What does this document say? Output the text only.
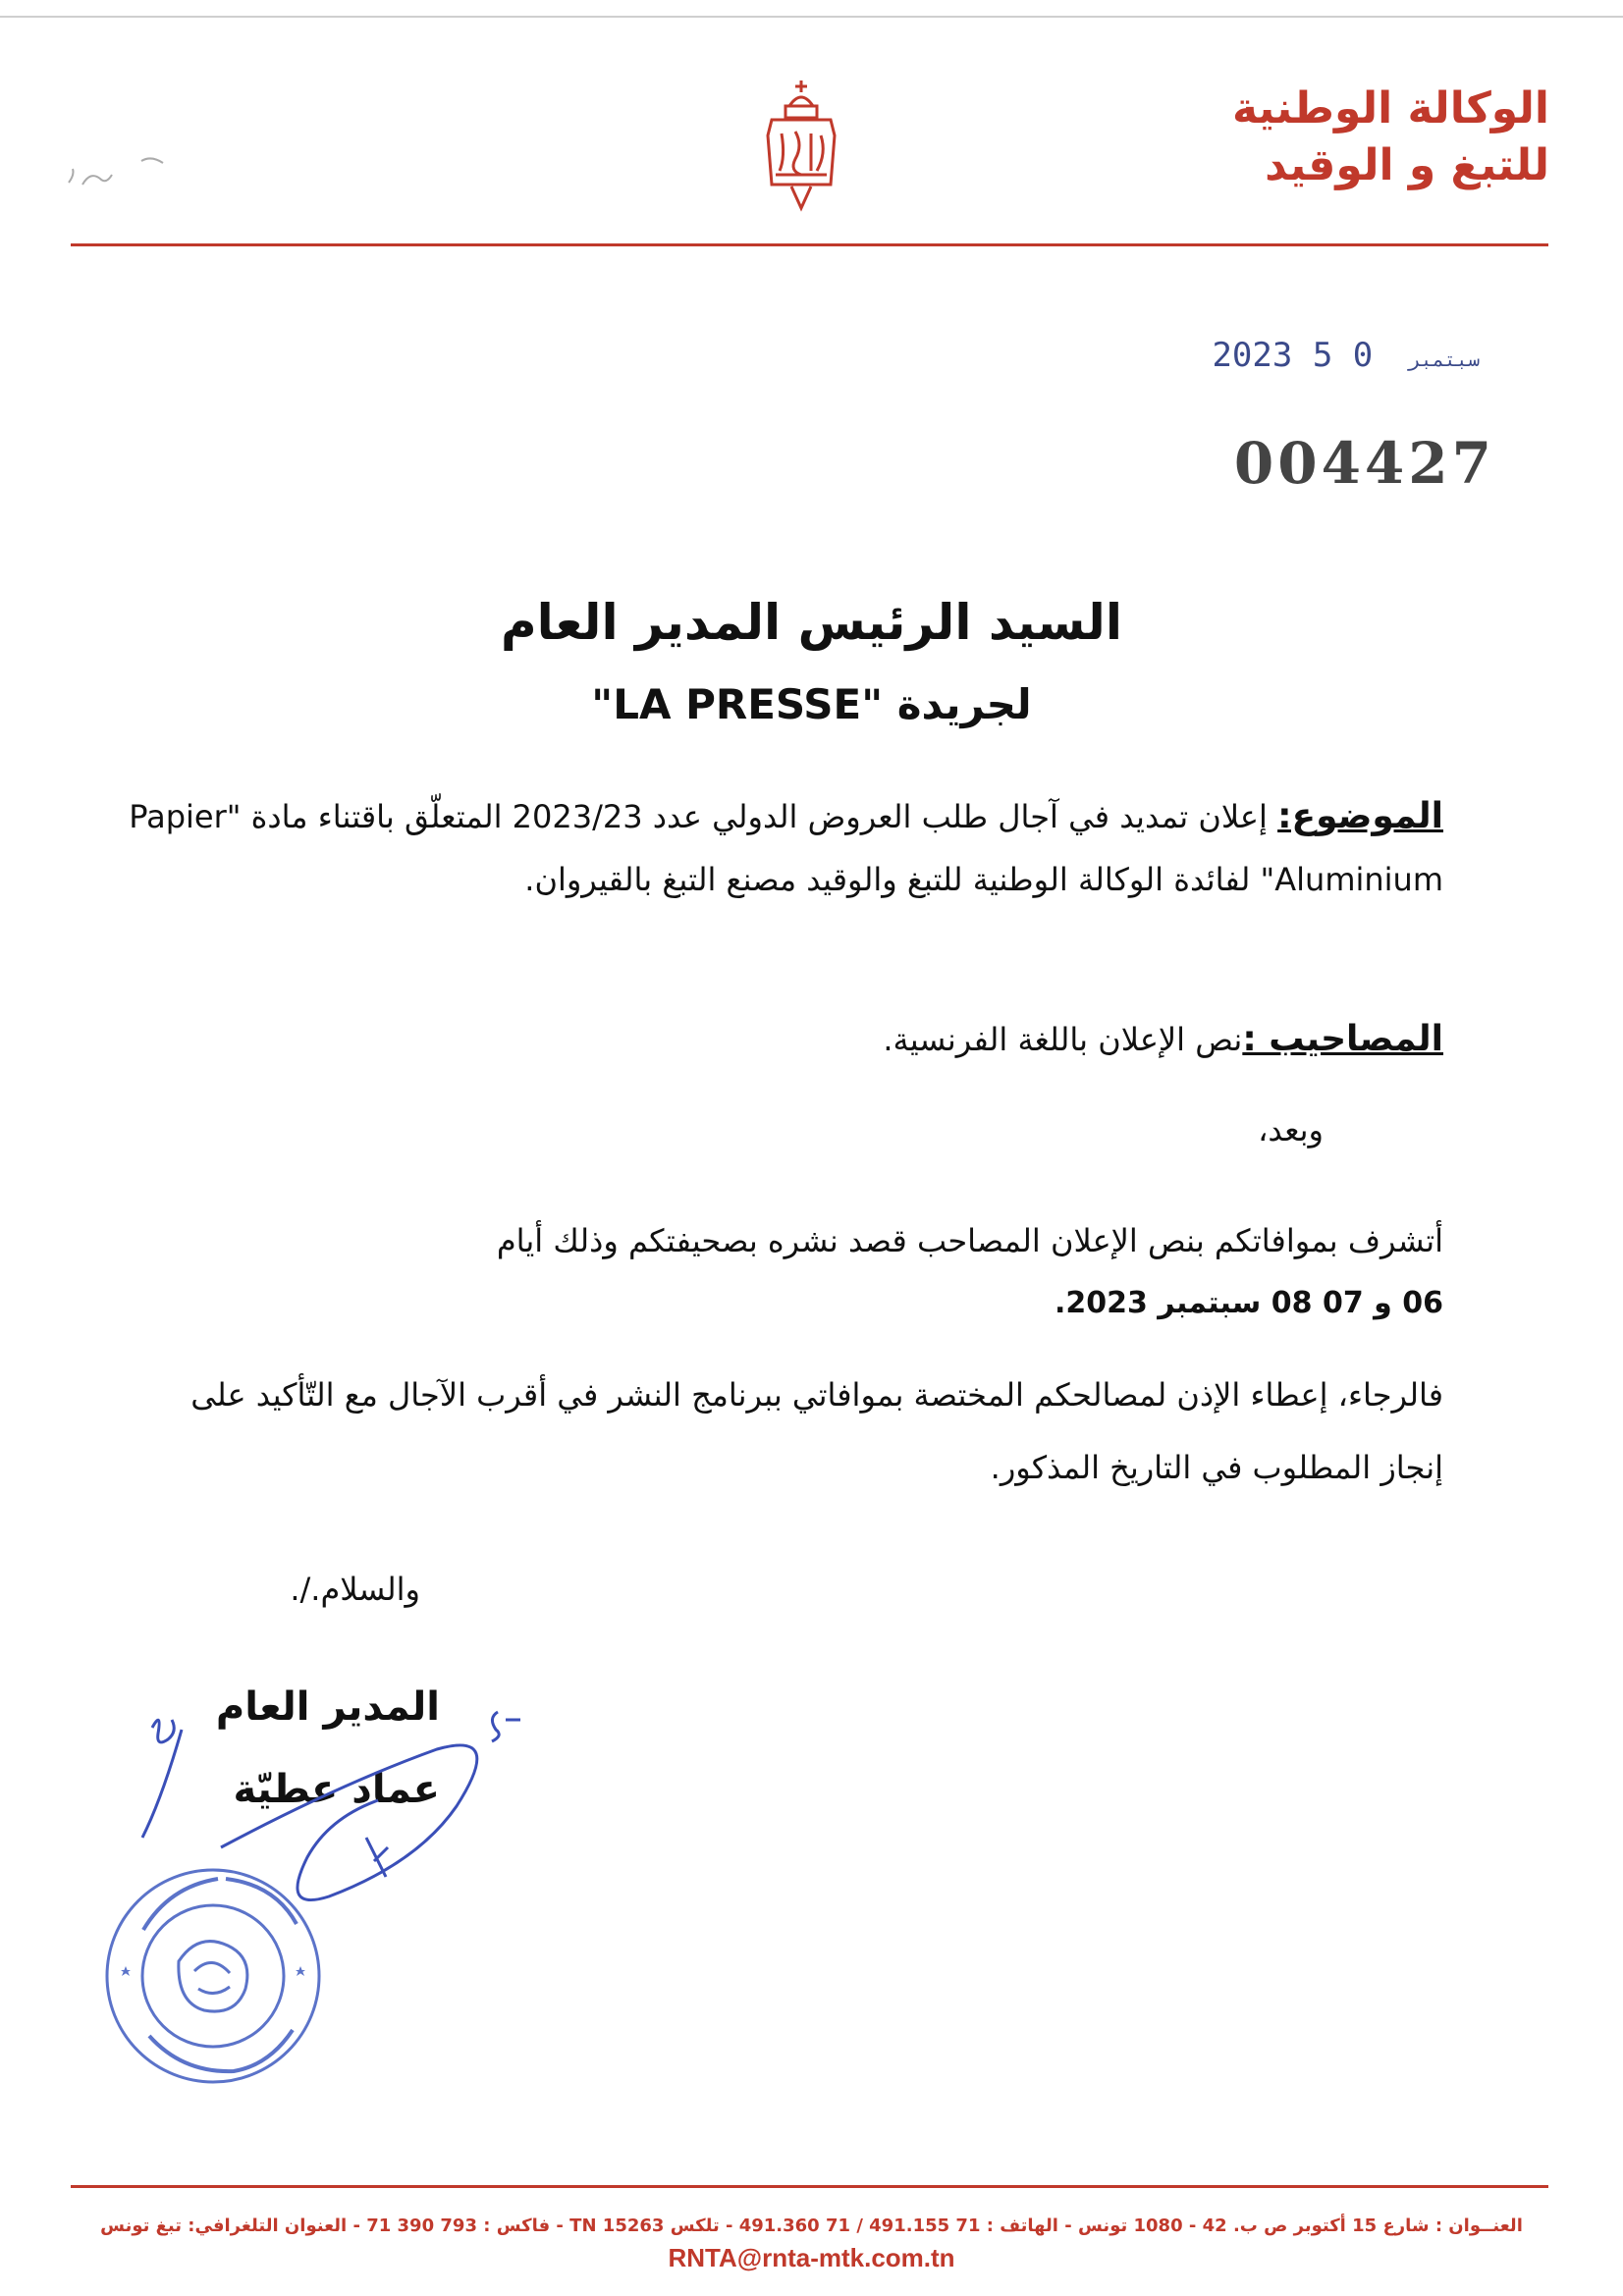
الوكالة الوطنية
للتبغ و الوقيد
2023	سبتمبر 0 5
004427
السيد الرئيس المدير العام
لجريدة "LA PRESSE"
الموضوع: إعلان تمديد في آجال طلب العروض الدولي عدد 2023/23 المتعلّق باقتناء مادة "Papier Aluminium" لفائدة الوكالة الوطنية للتبغ والوقيد مصنع التبغ بالقيروان.
المصاحيب :نص الإعلان باللغة الفرنسية.
وبعد،
أتشرف بموافاتكم بنص الإعلان المصاحب قصد نشره بصحيفتكم وذلك أيام
06 و 07 08 سبتمبر 2023.
فالرجاء، إعطاء الإذن لمصالحكم المختصة بموافاتي ببرنامج النشر في أقرب الآجال مع التّأكيد على إنجاز المطلوب في التاريخ المذكور.
والسلام./.
المدير العام
عماد عطيّة
العنــوان : شارع 15 أكتوبر ص ب. 42 - 1080 تونس - الهاتف : 71 491.155 / 71 491.360 - تلكس 15263 TN - فاكس : 793 390 71 - العنوان التلغرافي: تبغ تونس
RNTA@rnta-mtk.com.tn
